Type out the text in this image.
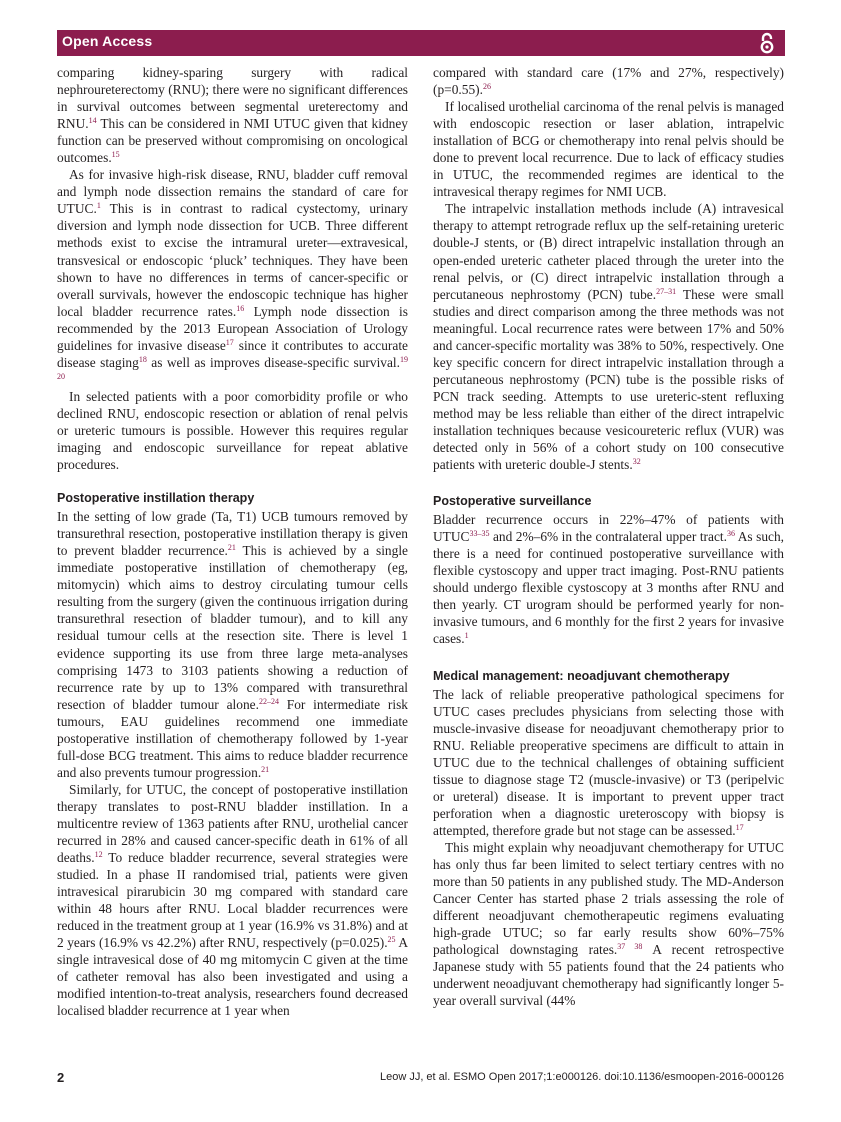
Open Access

comparing kidney-sparing surgery with radical nephroureterectomy (RNU); there were no significant differences in survival outcomes between segmental ureterectomy and RNU.$^{14}$ This can be considered in NMI UTUC given that kidney function can be preserved without compromising on oncological outcomes.$^{15}$

As for invasive high-risk disease, RNU, bladder cuff removal and lymph node dissection remains the standard of care for UTUC.$^1$ This is in contrast to radical cystectomy, urinary diversion and lymph node dissection for UCB. Three different methods exist to excise the intramural ureter—extravesical, transvesical or endoscopic ‘pluck’ techniques. They have been shown to have no differences in terms of cancer-specific or overall survivals, however the endoscopic technique has higher local bladder recurrence rates.$^{16}$ Lymph node dissection is recommended by the 2013 European Association of Urology guidelines for invasive disease$^{17}$ since it contributes to accurate disease staging$^{18}$ as well as improves disease-specific survival.$^{19 20}$

In selected patients with a poor comorbidity profile or who declined RNU, endoscopic resection or ablation of renal pelvis or ureteric tumours is possible. However this requires regular imaging and endoscopic surveillance for repeat ablative procedures.

Postoperative instillation therapy

In the setting of low grade (Ta, T1) UCB tumours removed by transurethral resection, postoperative instillation therapy is given to prevent bladder recurrence.$^{21}$ This is achieved by a single immediate postoperative instillation of chemotherapy (eg, mitomycin) which aims to destroy circulating tumour cells resulting from the surgery (given the continuous irrigation during transurethral resection of bladder tumour), and to kill any residual tumour cells at the resection site. There is level 1 evidence supporting its use from three large meta-analyses comprising 1473 to 3103 patients showing a reduction of recurrence rate by up to 13% compared with transurethral resection of bladder tumour alone.$^{22-24}$ For intermediate risk tumours, EAU guidelines recommend one immediate postoperative instillation of chemotherapy followed by 1-year full-dose BCG treatment. This aims to reduce bladder recurrence and also prevents tumour progression.$^{21}$

Similarly, for UTUC, the concept of postoperative instillation therapy translates to post-RNU bladder instillation. In a multicentre review of 1363 patients after RNU, urothelial cancer recurred in 28% and caused cancer-specific death in 61% of all deaths.$^{12}$ To reduce bladder recurrence, several strategies were studied. In a phase II randomised trial, patients were given intravesical pirarubicin 30 mg compared with standard care within 48 hours after RNU. Local bladder recurrences were reduced in the treatment group at 1 year (16.9% vs 31.8%) and at 2 years (16.9% vs 42.2%) after RNU, respectively (p=0.025).$^{25}$ A single intravesical dose of 40 mg mitomycin C given at the time of catheter removal has also been investigated and using a modified intention-to-treat analysis, researchers found decreased localised bladder recurrence at 1 year when

compared with standard care (17% and 27%, respectively) (p=0.55).$^{26}$

If localised urothelial carcinoma of the renal pelvis is managed with endoscopic resection or laser ablation, intrapelvic installation of BCG or chemotherapy into renal pelvis should be done to prevent local recurrence. Due to lack of efficacy studies in UTUC, the recommended regimes are identical to the intravesical therapy regimes for NMI UCB.

The intrapelvic installation methods include (A) intravesical therapy to attempt retrograde reflux up the self-retaining ureteric double-J stents, or (B) direct intrapelvic installation through an open-ended ureteric catheter placed through the ureter into the renal pelvis, or (C) direct intrapelvic installation through a percutaneous nephrostomy (PCN) tube.$^{27-31}$ These were small studies and direct comparison among the three methods was not meaningful. Local recurrence rates were between 17% and 50% and cancer-specific mortality was 38% to 50%, respectively. One key specific concern for direct intrapelvic installation through a percutaneous nephrostomy (PCN) tube is the possible risks of PCN track seeding. Attempts to use ureteric-stent refluxing method may be less reliable than either of the direct intrapelvic installation techniques because vesicoureteric reflux (VUR) was detected only in 56% of a cohort study on 100 consecutive patients with ureteric double-J stents.$^{32}$

Postoperative surveillance

Bladder recurrence occurs in 22%–47% of patients with UTUC$^{33-35}$ and 2%–6% in the contralateral upper tract.$^{36}$ As such, there is a need for continued postoperative surveillance with flexible cystoscopy and upper tract imaging. Post-RNU patients should undergo flexible cystoscopy at 3 months after RNU and then yearly. CT urogram should be performed yearly for non-invasive tumours, and 6 monthly for the first 2 years for invasive cases.$^1$

Medical management: neoadjuvant chemotherapy

The lack of reliable preoperative pathological specimens for UTUC cases precludes physicians from selecting those with muscle-invasive disease for neoadjuvant chemotherapy prior to RNU. Reliable preoperative specimens are difficult to attain in UTUC due to the technical challenges of obtaining sufficient tissue to diagnose stage T2 (muscle-invasive) or T3 (peripelvic or ureteral) disease. It is important to prevent upper tract perforation when a diagnostic ureteroscopy with biopsy is attempted, therefore grade but not stage can be assessed.$^{17}$

This might explain why neoadjuvant chemotherapy for UTUC has only thus far been limited to select tertiary centres with no more than 50 patients in any published study. The MD-Anderson Cancer Center has started phase 2 trials assessing the role of different neoadjuvant chemotherapeutic regimens evaluating high-grade UTUC; so far early results show 60%–75% pathological downstaging rates.$^{37 38}$ A recent retrospective Japanese study with 55 patients found that the 24 patients who underwent neoadjuvant chemotherapy had significantly longer 5-year overall survival (44%

2	Leow JJ, et al. ESMO Open 2017;1:e000126. doi:10.1136/esmoopen-2016-000126
